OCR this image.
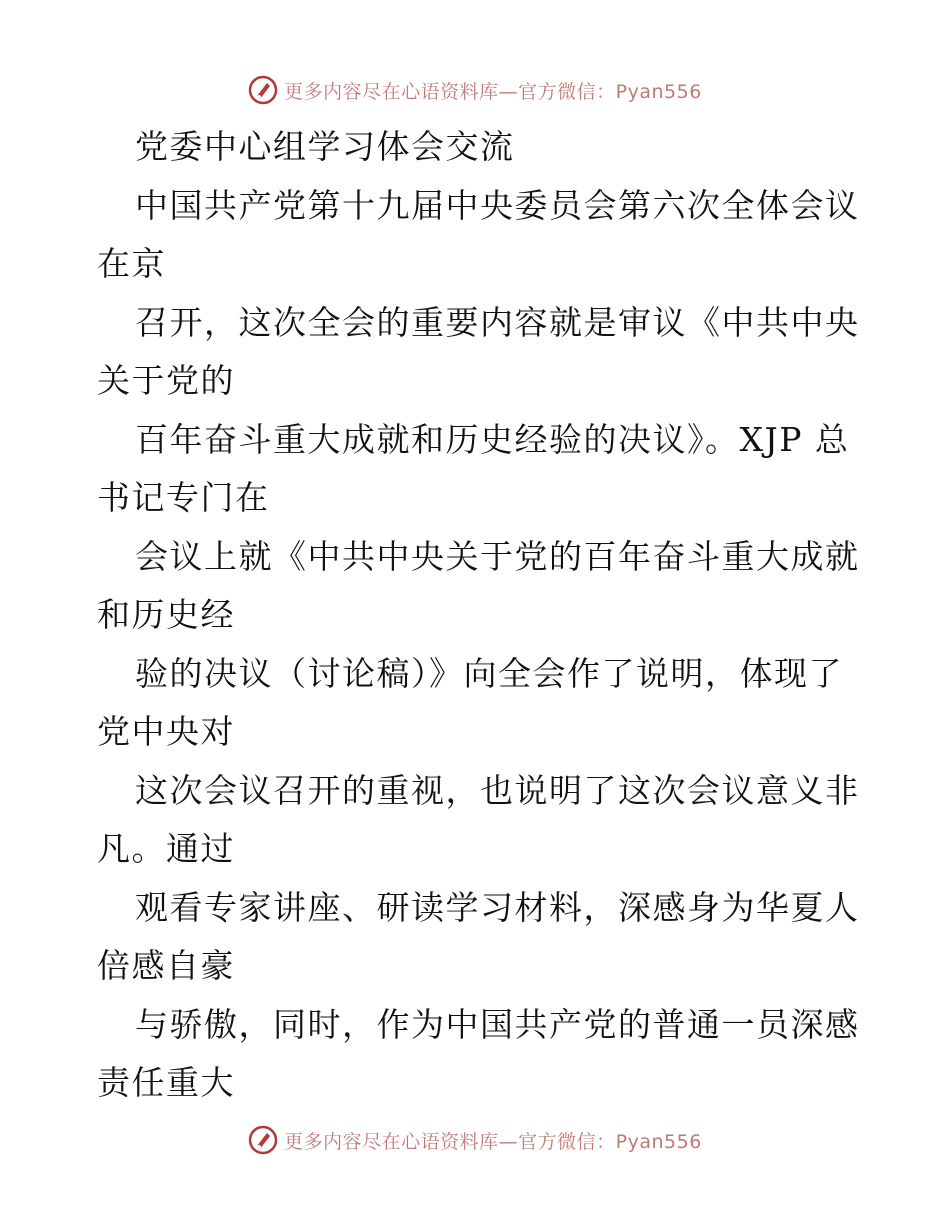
更多内容尽在心语资料库—官方微信：Pyan556
党委中心组学习体会交流
中国共产党第十九届中央委员会第六次全体会议
在京
召开，这次全会的重要内容就是审议《中共中央
关于党的
百年奋斗重大成就和历史经验的决议》。XJP 总
书记专门在
会议上就《中共中央关于党的百年奋斗重大成就
和历史经
验的决议（讨论稿）》向全会作了说明，体现了
党中央对
这次会议召开的重视，也说明了这次会议意义非
凡。通过
观看专家讲座、研读学习材料，深感身为华夏人
倍感自豪
与骄傲，同时，作为中国共产党的普通一员深感
责任重大
更多内容尽在心语资料库—官方微信：Pyan556
